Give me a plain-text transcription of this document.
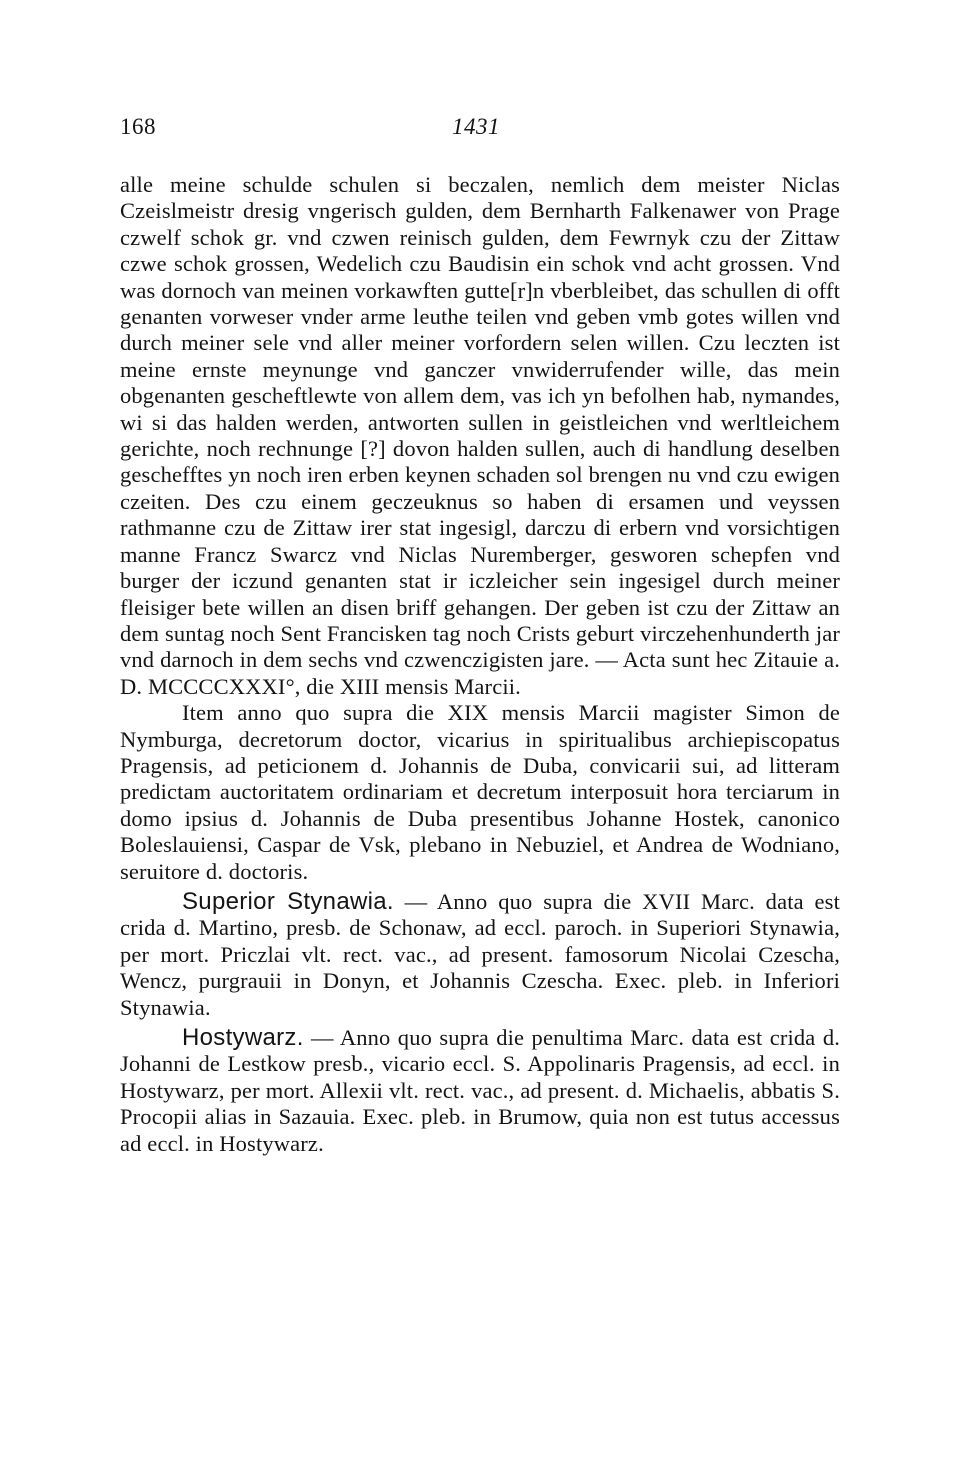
168	1431

alle meine schulde schulen si beczalen, nemlich dem meister Niclas Czeislmeistr dresig vngerisch gulden, dem Bernharth Falkenawer von Prage czwelf schok gr. vnd czwen reinisch gulden, dem Fewrnyk czu der Zittaw czwe schok grossen, Wedelich czu Baudisin ein schok vnd acht grossen. Vnd was dornoch van meinen vorkawften gutte[r]n vberbleibet, das schullen di offt genanten vorweser vnder arme leuthe teilen vnd geben vmb gotes willen vnd durch meiner sele vnd aller meiner vorfordern selen willen. Czu leczten ist meine ernste meynunge vnd ganczer vnwiderrufender wille, das mein obgenanten gescheftlewte von allem dem, vas ich yn befolhen hab, nymandes, wi si das halden werden, antworten sullen in geistleichen vnd werltleichem gerichte, noch rechnunge [?] dovon halden sullen, auch di handlung deselben geschefftes yn noch iren erben keynen schaden sol brengen nu vnd czu ewigen czeiten. Des czu einem geczeuknus so haben di ersamen und veyssen rathmanne czu de Zittaw irer stat ingesigl, darczu di erbern vnd vorsichtigen manne Francz Swarcz vnd Niclas Nuremberger, gesworen schepfen vnd burger der iczund genanten stat ir iczleicher sein ingesigel durch meiner fleisiger bete willen an disen briff gehangen. Der geben ist czu der Zittaw an dem suntag noch Sent Francisken tag noch Crists geburt virczehenhunderth jar vnd darnoch in dem sechs vnd czwenczigisten jare. — Acta sunt hec Zitauie a. D. MCCCCXXXI°, die XIII mensis Marcii.

Item anno quo supra die XIX mensis Marcii magister Simon de Nymburga, decretorum doctor, vicarius in spiritualibus archiepiscopatus Pragensis, ad peticionem d. Johannis de Duba, convicarii sui, ad litteram predictam auctoritatem ordinariam et decretum interposuit hora terciarum in domo ipsius d. Johannis de Duba presentibus Johanne Hostek, canonico Boleslauiensi, Caspar de Vsk, plebano in Nebuziel, et Andrea de Wodniano, seruitore d. doctoris.

Superior Stynawia. — Anno quo supra die XVII Marc. data est crida d. Martino, presb. de Schonaw, ad eccl. paroch. in Superiori Stynawia, per mort. Priczlai vlt. rect. vac., ad present. famosorum Nicolai Czescha, Wencz, purgrauii in Donyn, et Johannis Czescha. Exec. pleb. in Inferiori Stynawia.

Hostywarz. — Anno quo supra die penultima Marc. data est crida d. Johanni de Lestkow presb., vicario eccl. S. Appolinaris Pragensis, ad eccl. in Hostywarz, per mort. Allexii vlt. rect. vac., ad present. d. Michaelis, abbatis S. Procopii alias in Sazauia. Exec. pleb. in Brumow, quia non est tutus accessus ad eccl. in Hostywarz.
